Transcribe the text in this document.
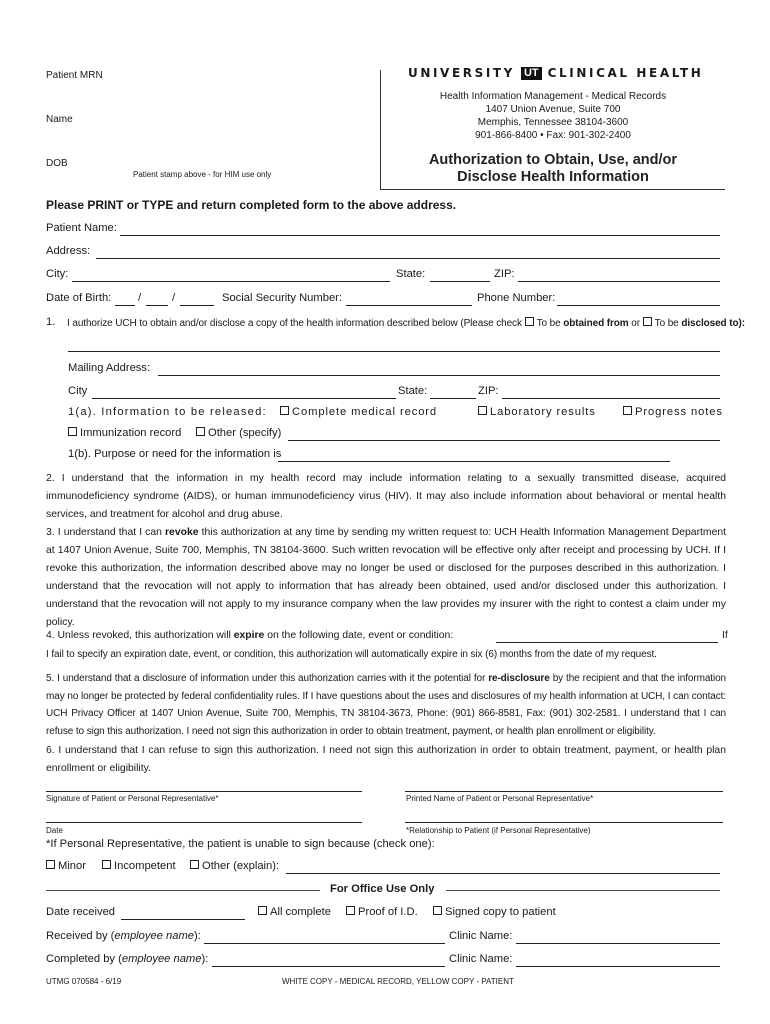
Patient MRN
Name
DOB
Patient stamp above - for HIM use only
UNIVERSITY UT CLINICAL HEALTH
Health Information Management - Medical Records
1407 Union Avenue, Suite 700
Memphis, Tennessee 38104-3600
901-866-8400 • Fax: 901-302-2400
Authorization to Obtain, Use, and/or
Disclose Health Information
Please PRINT or TYPE and return completed form to the above address.
Patient Name:
Address:
City:	State:	ZIP:
Date of Birth: /	/	Social Security Number:	Phone Number:
1. I authorize UCH to obtain and/or disclose a copy of the health information described below (Please check To be obtained from or To be disclosed to):
Mailing Address:
City	State:	ZIP:
1(a). Information to be released:	Complete medical record	Laboratory results	Progress notes
Immunization record	Other (specify)
1(b). Purpose or need for the information is
2. I understand that the information in my health record may include information relating to a sexually transmitted disease, acquired immunodeficiency syndrome (AIDS), or human immunodeficiency virus (HIV). It may also include information about behavioral or mental health services, and treatment for alcohol and drug abuse.
3. I understand that I can revoke this authorization at any time by sending my written request to: UCH Health Information Management Department at 1407 Union Avenue, Suite 700, Memphis, TN 38104-3600. Such written revocation will be effective only after receipt and processing by UCH. If I revoke this authorization, the information described above may no longer be used or disclosed for the purposes described in this authorization. I understand that the revocation will not apply to information that has already been obtained, used and/or disclosed under this authorization. I understand that the revocation will not apply to my insurance company when the law provides my insurer with the right to contest a claim under my policy.
4. Unless revoked, this authorization will expire on the following date, event or condition:	If
I fail to specify an expiration date, event, or condition, this authorization will automatically expire in six (6) months from the date of my request.
5. I understand that a disclosure of information under this authorization carries with it the potential for re-disclosure by the recipient and that the information may no longer be protected by federal confidentiality rules. If I have questions about the uses and disclosures of my health information at UCH, I can contact: UCH Privacy Officer at 1407 Union Avenue, Suite 700, Memphis, TN 38104-3673, Phone: (901) 866-8581, Fax: (901) 302-2581. I understand that I can refuse to sign this authorization. I need not sign this authorization in order to obtain treatment, payment, or health plan enrollment or eligibility.
6. I understand that I can refuse to sign this authorization. I need not sign this authorization in order to obtain treatment, payment, or health plan enrollment or eligibility.
Signature of Patient or Personal Representative*	Printed Name of Patient or Personal Representative*
Date	*Relationship to Patient (if Personal Representative)
*If Personal Representative, the patient is unable to sign because (check one):
Minor	Incompetent	Other (explain):
For Office Use Only
Date received	All complete	Proof of I.D.	Signed copy to patient
Received by (employee name):	Clinic Name:
Completed by (employee name):	Clinic Name:
UTMG 070584 - 6/19	WHITE COPY - MEDICAL RECORD, YELLOW COPY - PATIENT
